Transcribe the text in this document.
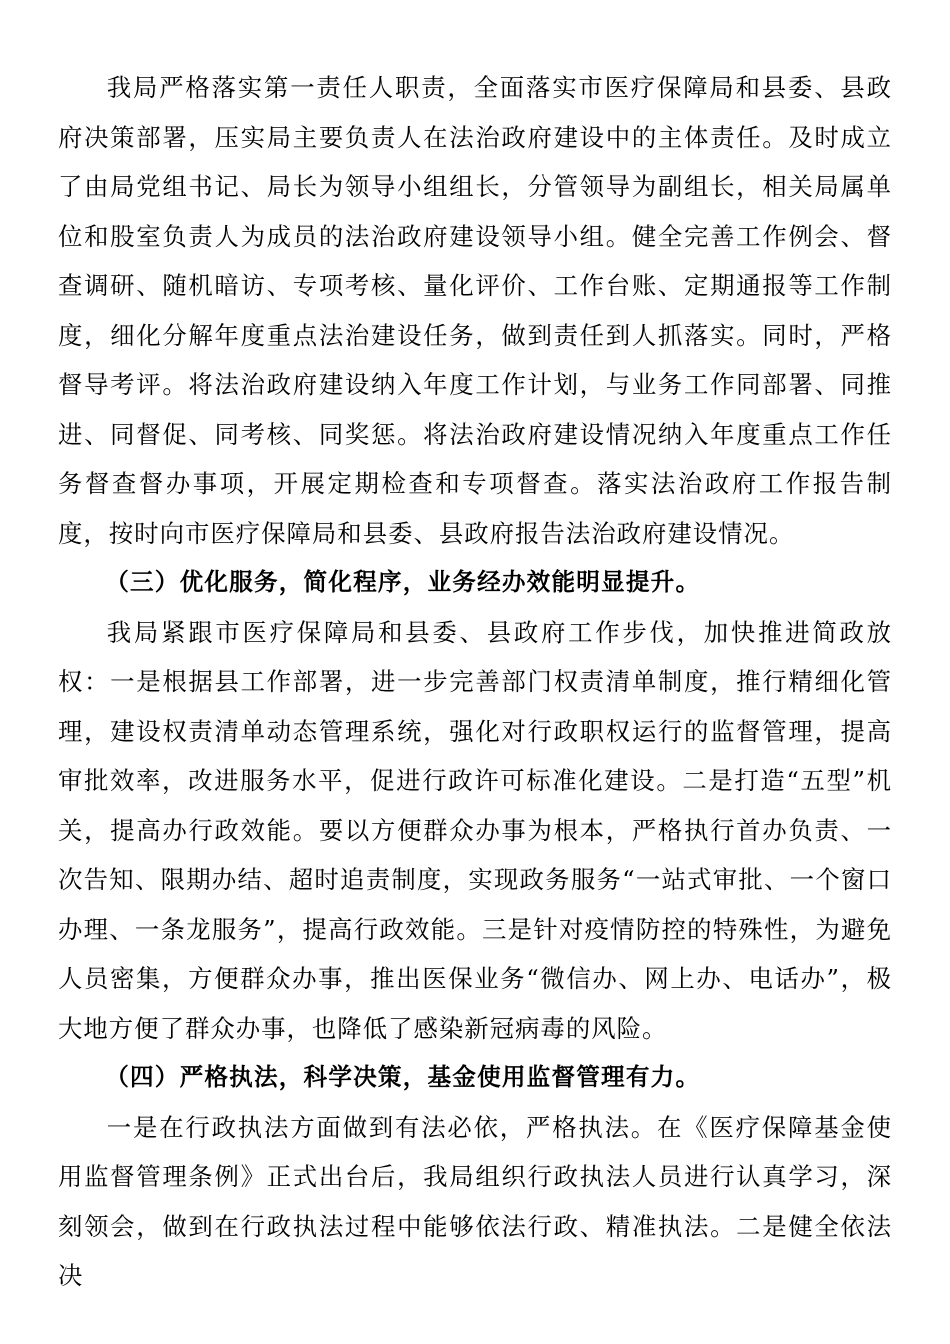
我局严格落实第一责任人职责，全面落实市医疗保障局和县委、县政府决策部署，压实局主要负责人在法治政府建设中的主体责任。及时成立了由局党组书记、局长为领导小组组长，分管领导为副组长，相关局属单位和股室负责人为成员的法治政府建设领导小组。健全完善工作例会、督查调研、随机暗访、专项考核、量化评价、工作台账、定期通报等工作制度，细化分解年度重点法治建设任务，做到责任到人抓落实。同时，严格督导考评。将法治政府建设纳入年度工作计划，与业务工作同部署、同推进、同督促、同考核、同奖惩。将法治政府建设情况纳入年度重点工作任务督查督办事项，开展定期检查和专项督查。落实法治政府工作报告制度，按时向市医疗保障局和县委、县政府报告法治政府建设情况。

（三）优化服务，简化程序，业务经办效能明显提升。

我局紧跟市医疗保障局和县委、县政府工作步伐，加快推进简政放权：一是根据县工作部署，进一步完善部门权责清单制度，推行精细化管理，建设权责清单动态管理系统，强化对行政职权运行的监督管理，提高审批效率，改进服务水平，促进行政许可标准化建设。二是打造“五型”机关，提高办行政效能。要以方便群众办事为根本，严格执行首办负责、一次告知、限期办结、超时追责制度，实现政务服务“一站式审批、一个窗口办理、一条龙服务”，提高行政效能。三是针对疫情防控的特殊性，为避免人员密集，方便群众办事，推出医保业务“微信办、网上办、电话办”，极大地方便了群众办事，也降低了感染新冠病毒的风险。

（四）严格执法，科学决策，基金使用监督管理有力。

一是在行政执法方面做到有法必依，严格执法。在《医疗保障基金使用监督管理条例》正式出台后，我局组织行政执法人员进行认真学习，深刻领会，做到在行政执法过程中能够依法行政、精准执法。二是健全依法决
